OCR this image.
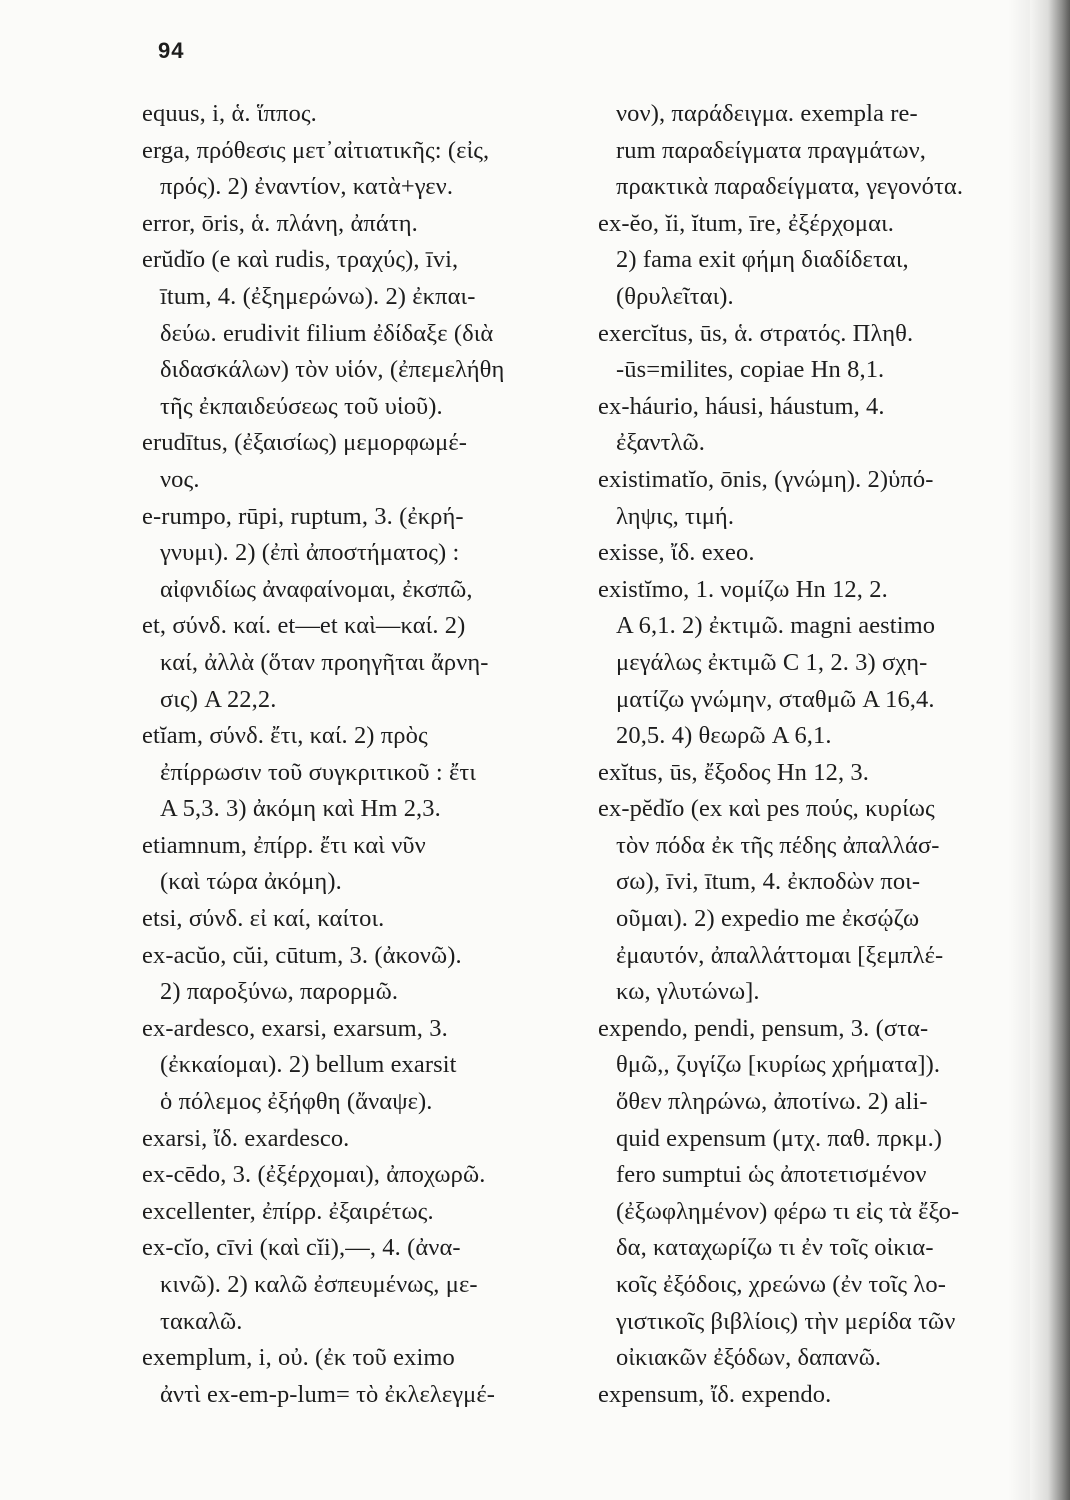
94
equus, i, ἁ. ἵππος.
erga, πρόθεσις μετ᾿αἰτιατικῆς: (εἰς,
πρός). 2) ἐναντίον, κατὰ+γεν.
error, ōris, ἁ. πλάνη, ἀπάτη.
erŭdĭo (e καὶ rudis, τραχύς), īvi,
ītum, 4. (ἐξημερώνω). 2) ἐκπαι-
δεύω. erudivit filium ἐδίδαξε (διὰ
διδασκάλων) τὸν υἱόν, (ἐπεμελήθη
τῆς ἐκπαιδεύσεως τοῦ υἱοῦ).
erudītus, (ἐξαισίως) μεμορφωμέ-
νος.
e-rumpo, rūpi, ruptum, 3. (ἐκρή-
γνυμι). 2) (ἐπὶ ἀποστήματος) :
αἰφνιδίως ἀναφαίνομαι, ἐκσπῶ,
et, σύνδ. καί. et—et καὶ—καί. 2)
καί, ἀλλὰ (ὅταν προηγῆται ἄρνη-
σις) A 22,2.
etĭam, σύνδ. ἔτι, καί. 2) πρὸς
ἐπίρρωσιν τοῦ συγκριτικοῦ : ἔτι
A 5,3. 3) ἀκόμη καὶ Hm 2,3.
etiamnum, ἐπίρρ. ἔτι καὶ νῦν
(καὶ τώρα ἀκόμη).
etsi, σύνδ. εἰ καί, καίτοι.
ex-acŭo, cŭi, cūtum, 3. (ἀκονῶ).
2) παροξύνω, παρορμῶ.
ex-ardesco, exarsi, exarsum, 3.
(ἐκκαίομαι). 2) bellum exarsit
ὁ πόλεμος ἐξήφθη (ἄναψε).
exarsi, ἴδ. exardesco.
ex-cēdo, 3. (ἐξέρχομαι), ἀποχωρῶ.
excellenter, ἐπίρρ. ἐξαιρέτως.
ex-cĭo, cīvi (καὶ cĭi),—, 4. (ἀνα-
κινῶ). 2) καλῶ ἐσπευμένως, με-
τακαλῶ.
exemplum, i, οὐ. (ἐκ τοῦ eximo
ἀντὶ ex-em-p-lum= τὸ ἐκλελεγμέ-
νον), παράδειγμα. exempla re-
rum παραδείγματα πραγμάτων,
πρακτικὰ παραδείγματα, γεγονότα.
ex-ĕo, ĭi, ĭtum, īre, ἐξέρχομαι.
2) fama exit φήμη διαδίδεται,
(θρυλεῖται).
exercĭtus, ūs, ἁ. στρατός. Πληθ.
-ūs=milites, copiae Hn 8,1.
ex-háurio, háusi, háustum, 4.
ἐξαντλῶ.
existimatĭo, ōnis, (γνώμη). 2)ὑπό-
ληψις, τιμή.
exisse, ἴδ. exeo.
existĭmo, 1. νομίζω Hn 12, 2.
A 6,1. 2) ἐκτιμῶ. magni aestimo
μεγάλως ἐκτιμῶ C 1, 2. 3) σχη-
ματίζω γνώμην, σταθμῶ A 16,4.
20,5. 4) θεωρῶ A 6,1.
exĭtus, ūs, ἔξοδος Hn 12, 3.
ex-pĕdĭo (ex καὶ pes πούς, κυρίως
τὸν πόδα ἐκ τῆς πέδης ἀπαλλάσ-
σω), īvi, ītum, 4. ἐκποδὼν ποι-
οῦμαι). 2) expedio me ἐκσῴζω
ἐμαυτόν, ἀπαλλάττομαι [ξεμπλέ-
κω, γλυτώνω].
expendo, pendi, pensum, 3. (στα-
θμῶ,, ζυγίζω [κυρίως χρήματα]).
ὅθεν πληρώνω, ἀποτίνω. 2) ali-
quid expensum (μτχ. παθ. πρκμ.)
fero sumptui ὡς ἀποτετισμένον
(ἐξωφλημένον) φέρω τι εἰς τὰ ἔξο-
δα, καταχωρίζω τι ἐν τοῖς οἰκια-
κοῖς ἐξόδοις, χρεώνω (ἐν τοῖς λο-
γιστικοῖς βιβλίοις) τὴν μερίδα τῶν
οἰκιακῶν ἐξόδων, δαπανῶ.
expensum, ἴδ. expendo.
